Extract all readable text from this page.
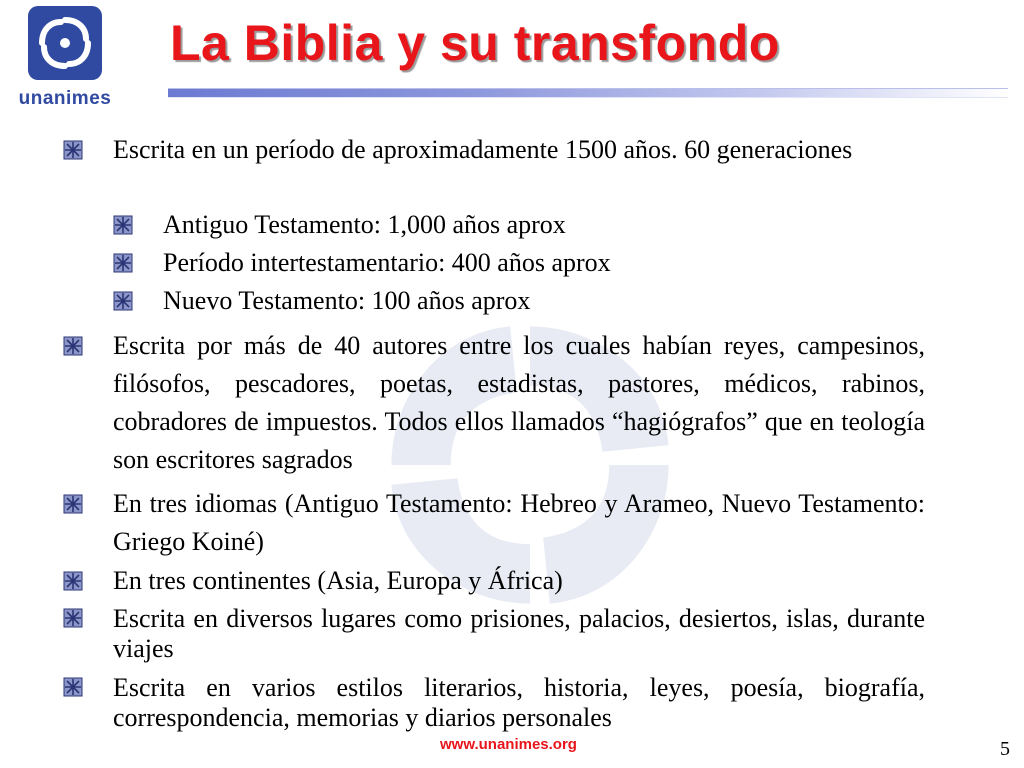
unanimes
La Biblia y su transfondo
Escrita en un período de aproximadamente 1500 años. 60 generaciones
Antiguo Testamento: 1,000 años aprox
Período intertestamentario: 400 años aprox
Nuevo Testamento: 100 años aprox
Escrita por más de 40 autores entre los cuales habían reyes, campesinos, filósofos, pescadores, poetas, estadistas, pastores, médicos, rabinos, cobradores de impuestos. Todos ellos llamados “hagiógrafos” que en teología son escritores sagrados
En tres idiomas (Antiguo Testamento: Hebreo y Arameo, Nuevo Testamento: Griego Koiné)
En tres continentes (Asia, Europa y África)
Escrita en diversos lugares como prisiones, palacios, desiertos, islas, durante viajes
Escrita en varios estilos literarios, historia, leyes, poesía, biografía, correspondencia, memorias y diarios personales
www.unanimes.org	5
